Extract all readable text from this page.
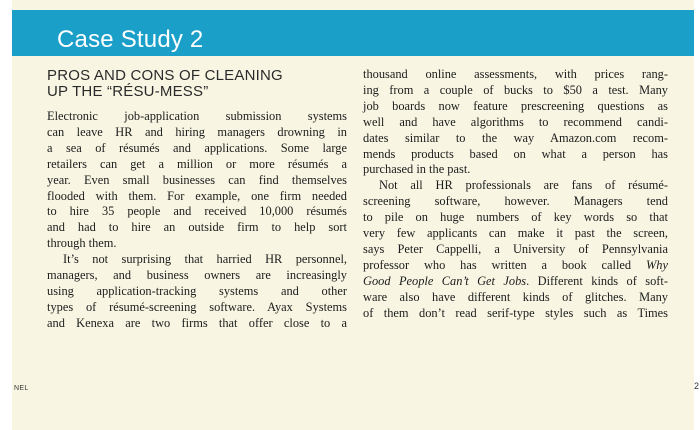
Case Study 2
PROS AND CONS OF CLEANING
UP THE “RÉSU-MESS”
Electronic job-application submission systems
can leave HR and hiring managers drowning in
a sea of résumés and applications. Some large
retailers can get a million or more résumés a
year. Even small businesses can find themselves
flooded with them. For example, one firm needed
to hire 35 people and received 10,000 résumés
and had to hire an outside firm to help sort
through them.
It’s not surprising that harried HR personnel,
managers, and business owners are increasingly
using application-tracking systems and other
types of résumé-screening software. Ayax Systems
and Kenexa are two firms that offer close to a
thousand online assessments, with prices rang-
ing from a couple of bucks to $50 a test. Many
job boards now feature prescreening questions as
well and have algorithms to recommend candi-
dates similar to the way Amazon.com recom-
mends products based on what a person has
purchased in the past.
Not all HR professionals are fans of résumé-
screening software, however. Managers tend
to pile on huge numbers of key words so that
very few applicants can make it past the screen,
says Peter Cappelli, a University of Pennsylvania
professor who has written a book called Why
Good People Can’t Get Jobs. Different kinds of soft-
ware also have different kinds of glitches. Many
of them don’t read serif-type styles such as Times
NEL	2
